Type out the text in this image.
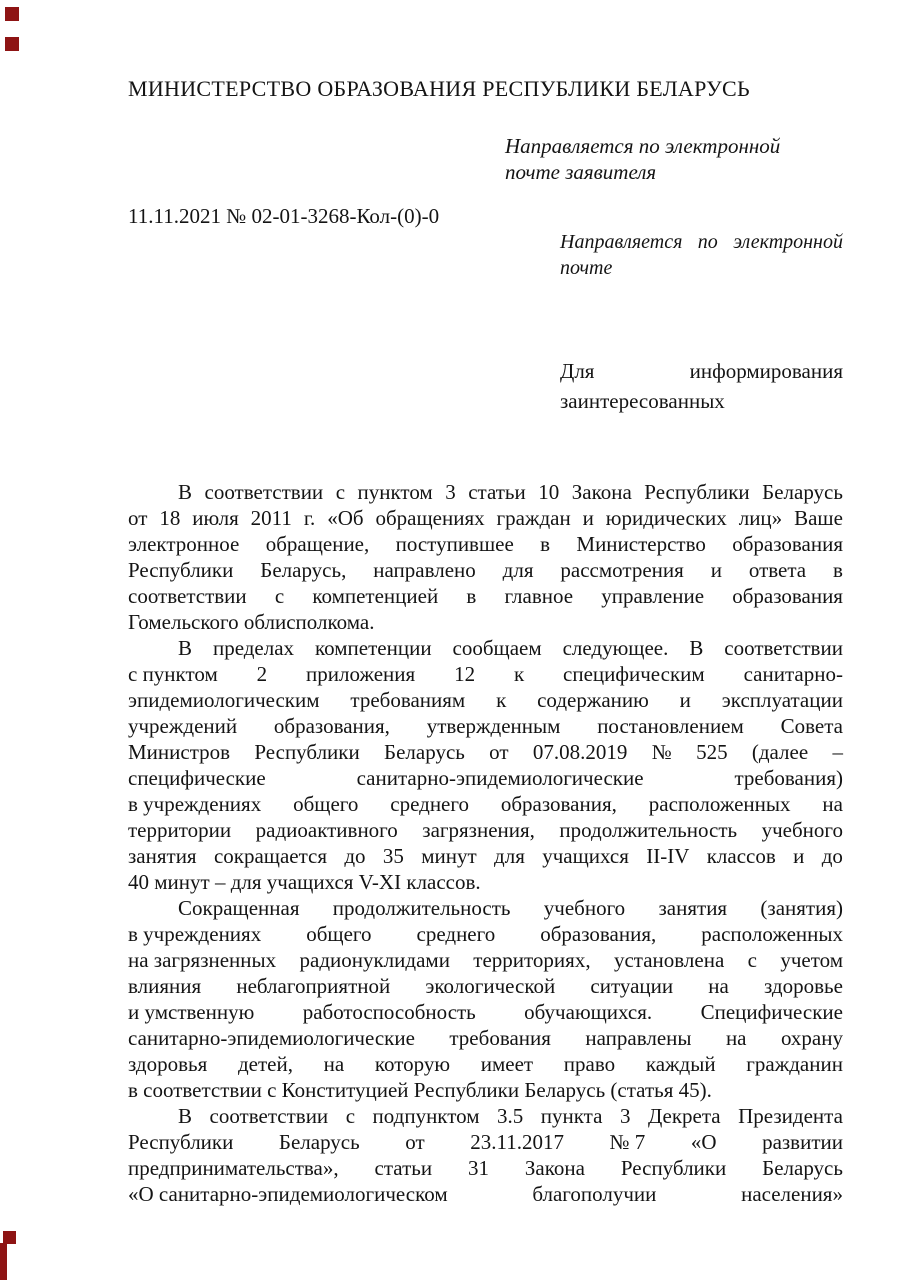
МИНИСТЕРСТВО ОБРАЗОВАНИЯ РЕСПУБЛИКИ БЕЛАРУСЬ
Направляется по электронной
почте заявителя
11.11.2021 № 02-01-3268-Кол-(0)-0
Направляется по электронной
почте
Для	информирования
заинтересованных
В соответствии с пунктом 3 статьи 10 Закона Республики Беларусь
от 18 июля 2011 г. «Об обращениях граждан и юридических лиц» Ваше
электронное обращение, поступившее в Министерство образования
Республики Беларусь, направлено для рассмотрения и ответа в
соответствии с компетенцией в главное управление образования
Гомельского облисполкома.
В пределах компетенции сообщаем следующее. В соответствии
с пунктом 2 приложения 12 к специфическим санитарно-
эпидемиологическим требованиям к содержанию и эксплуатации
учреждений образования, утвержденным постановлением Совета
Министров Республики Беларусь от 07.08.2019 № 525 (далее –
специфические	санитарно-эпидемиологические	требования)
в учреждениях общего среднего образования, расположенных на
территории радиоактивного загрязнения, продолжительность учебного
занятия сокращается до 35 минут для учащихся II-IV классов и до
40 минут – для учащихся V-XI классов.
Сокращенная продолжительность учебного занятия (занятия)
в учреждениях общего среднего образования, расположенных
на загрязненных радионуклидами территориях, установлена с учетом
влияния неблагоприятной экологической ситуации на здоровье
и умственную работоспособность обучающихся. Специфические
санитарно-эпидемиологические требования направлены на охрану
здоровья детей, на которую имеет право каждый гражданин
в соответствии с Конституцией Республики Беларусь (статья 45).
В соответствии с подпунктом 3.5 пункта 3 Декрета Президента
Республики Беларусь от 23.11.2017 № 7 «О развитии
предпринимательства», статьи 31 Закона Республики Беларусь
«О санитарно-эпидемиологическом	благополучии	населения»
